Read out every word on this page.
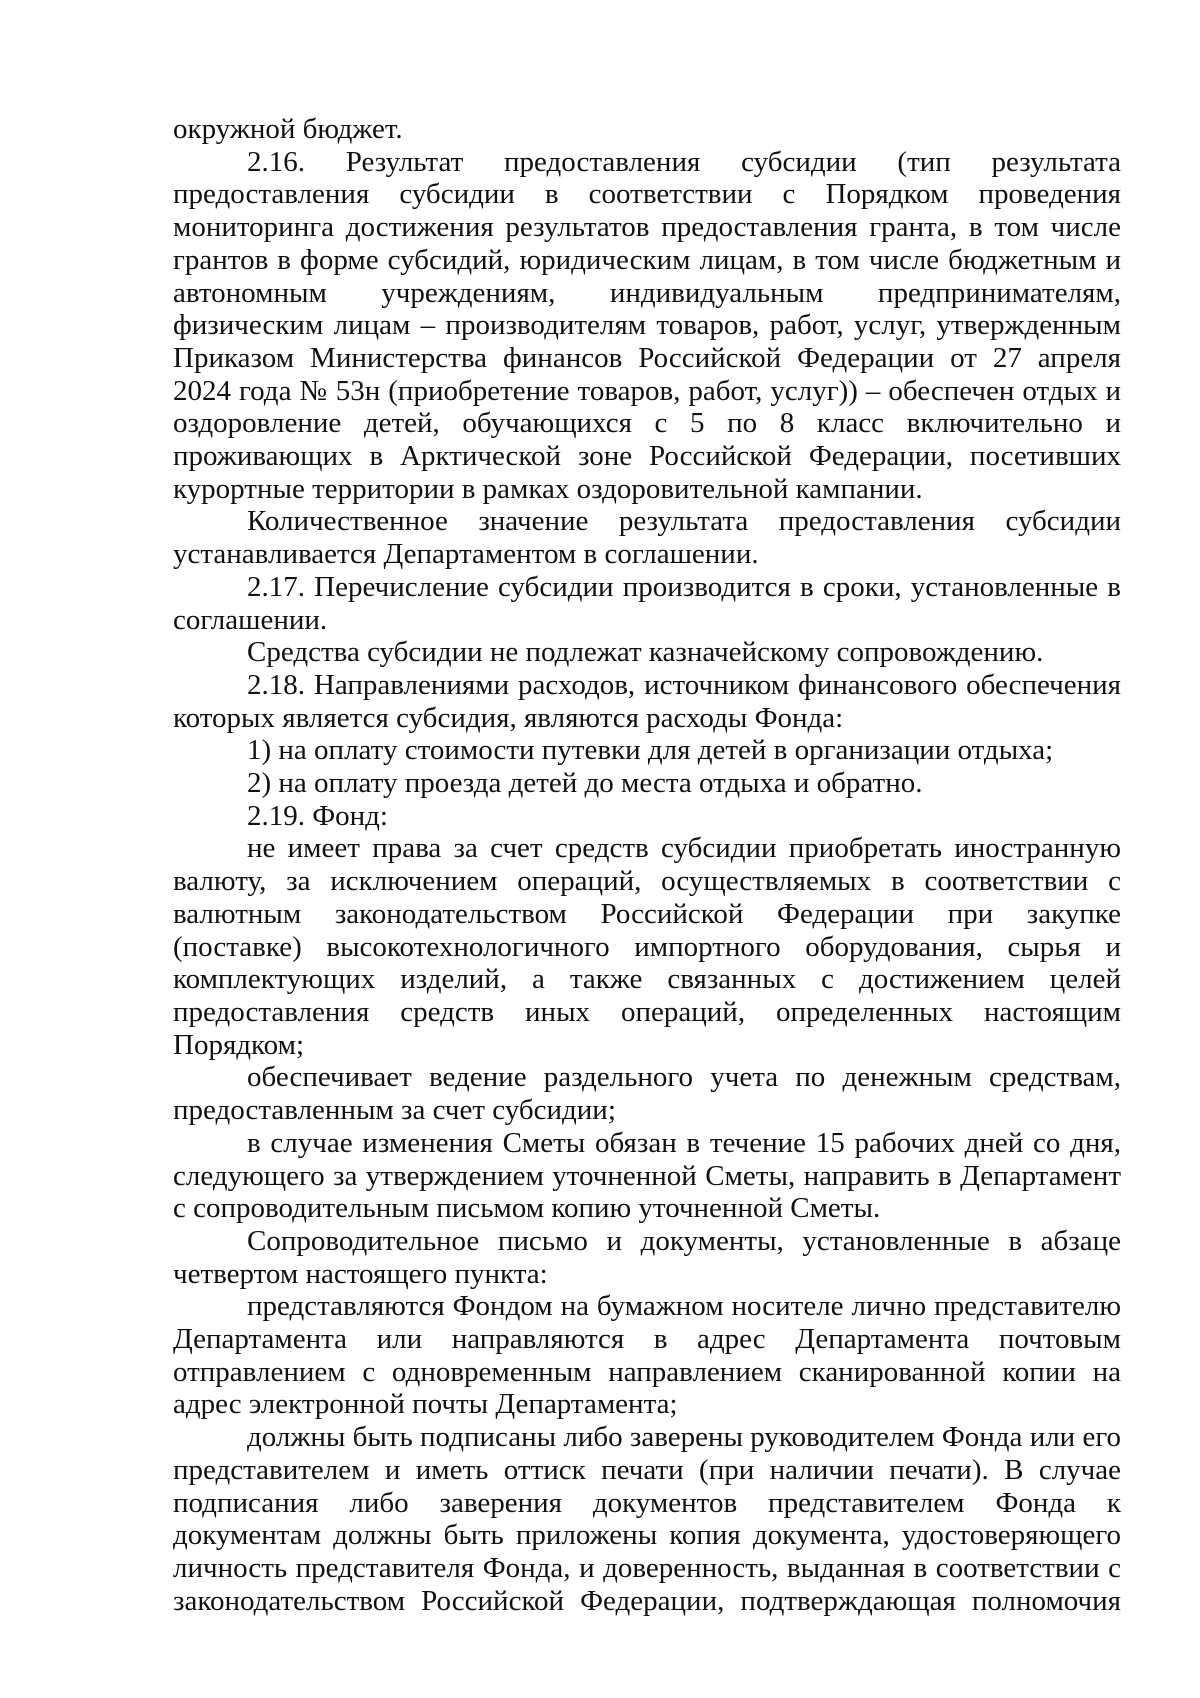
окружной бюджет.

2.16. Результат предоставления субсидии (тип результата предоставления субсидии в соответствии с Порядком проведения мониторинга достижения результатов предоставления гранта, в том числе грантов в форме субсидий, юридическим лицам, в том числе бюджетным и автономным учреждениям, индивидуальным предпринимателям, физическим лицам – производителям товаров, работ, услуг, утвержденным Приказом Министерства финансов Российской Федерации от 27 апреля 2024 года № 53н (приобретение товаров, работ, услуг)) – обеспечен отдых и оздоровление детей, обучающихся с 5 по 8 класс включительно и проживающих в Арктической зоне Российской Федерации, посетивших курортные территории в рамках оздоровительной кампании.

Количественное значение результата предоставления субсидии устанавливается Департаментом в соглашении.

2.17. Перечисление субсидии производится в сроки, установленные в соглашении.

Средства субсидии не подлежат казначейскому сопровождению.

2.18. Направлениями расходов, источником финансового обеспечения которых является субсидия, являются расходы Фонда:

1) на оплату стоимости путевки для детей в организации отдыха;

2) на оплату проезда детей до места отдыха и обратно.

2.19. Фонд:

не имеет права за счет средств субсидии приобретать иностранную валюту, за исключением операций, осуществляемых в соответствии с валютным законодательством Российской Федерации при закупке (поставке) высокотехнологичного импортного оборудования, сырья и комплектующих изделий, а также связанных с достижением целей предоставления средств иных операций, определенных настоящим Порядком;

обеспечивает ведение раздельного учета по денежным средствам, предоставленным за счет субсидии;

в случае изменения Сметы обязан в течение 15 рабочих дней со дня, следующего за утверждением уточненной Сметы, направить в Департамент с сопроводительным письмом копию уточненной Сметы.

Сопроводительное письмо и документы, установленные в абзаце четвертом настоящего пункта:

представляются Фондом на бумажном носителе лично представителю Департамента или направляются в адрес Департамента почтовым отправлением с одновременным направлением сканированной копии на адрес электронной почты Департамента;

должны быть подписаны либо заверены руководителем Фонда или его представителем и иметь оттиск печати (при наличии печати). В случае подписания либо заверения документов представителем Фонда к документам должны быть приложены копия документа, удостоверяющего личность представителя Фонда, и доверенность, выданная в соответствии с законодательством Российской Федерации, подтверждающая полномочия
